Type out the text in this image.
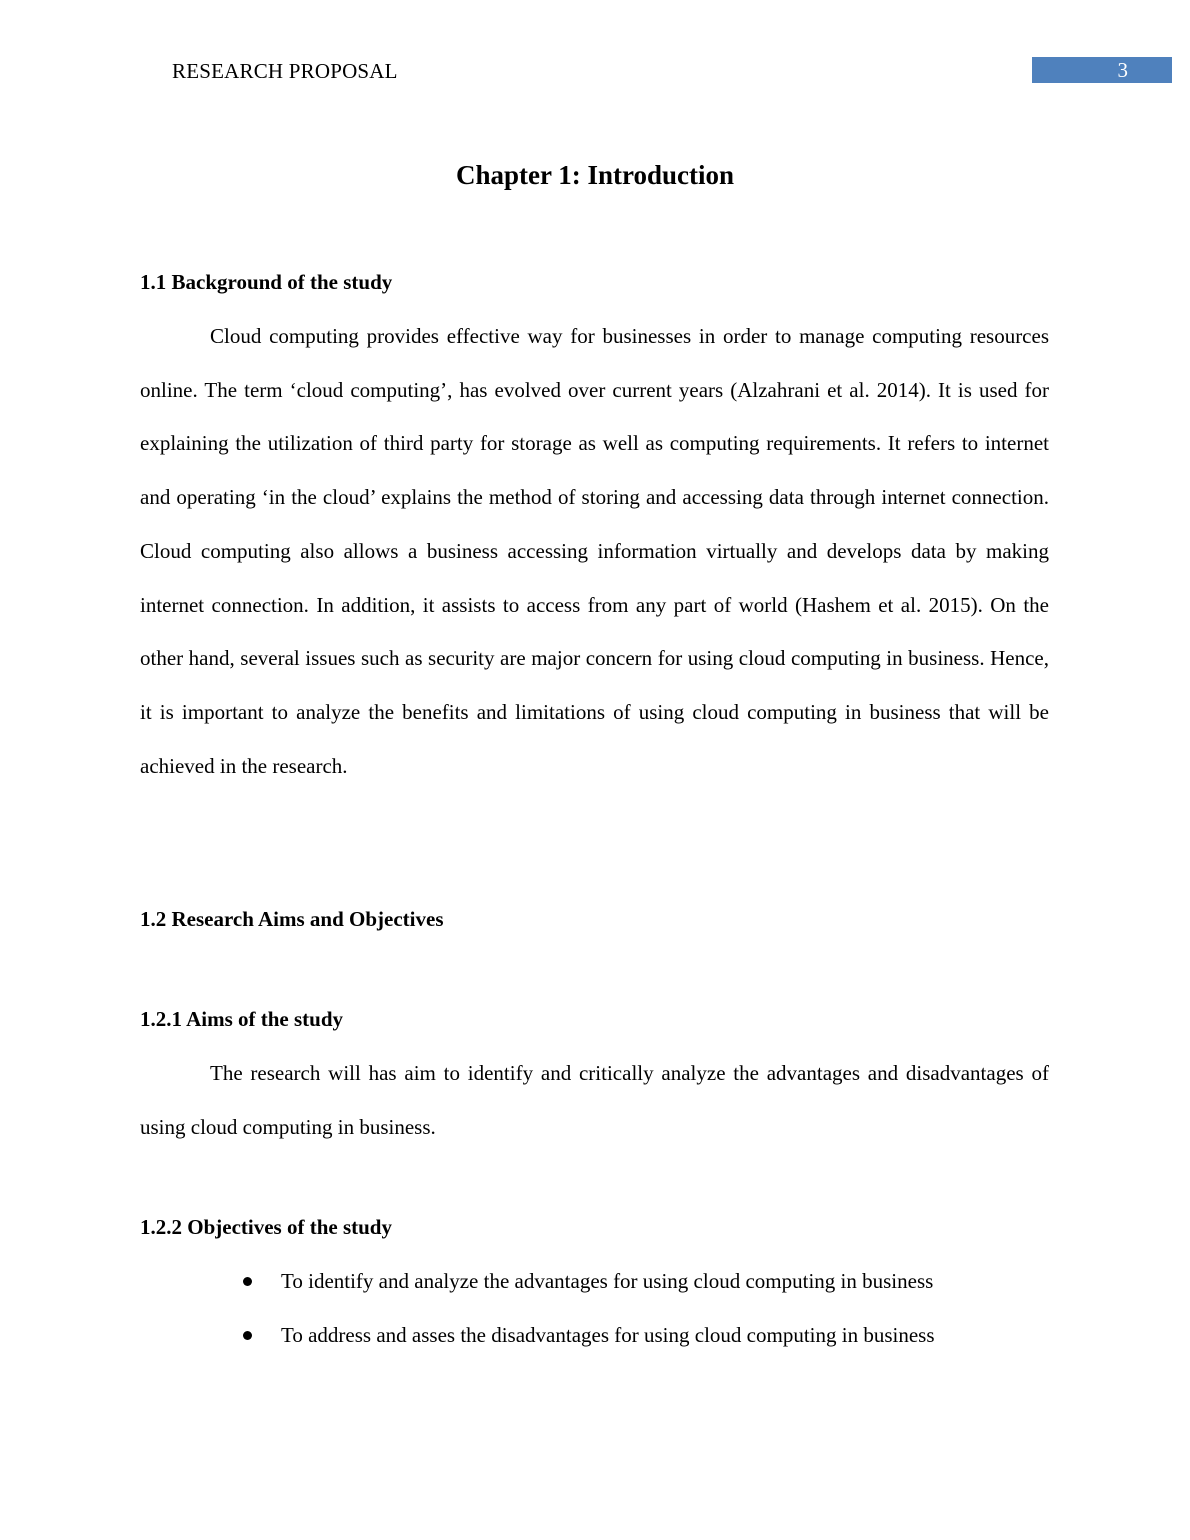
RESEARCH PROPOSAL	3
Chapter 1: Introduction
1.1 Background of the study

Cloud computing provides effective way for businesses in order to manage computing resources online. The term ‘cloud computing’, has evolved over current years (Alzahrani et al. 2014). It is used for explaining the utilization of third party for storage as well as computing requirements. It refers to internet and operating ‘in the cloud’ explains the method of storing and accessing data through internet connection. Cloud computing also allows a business accessing information virtually and develops data by making internet connection. In addition, it assists to access from any part of world (Hashem et al. 2015). On the other hand, several issues such as security are major concern for using cloud computing in business. Hence, it is important to analyze the benefits and limitations of using cloud computing in business that will be achieved in the research.

1.2 Research Aims and Objectives
1.2.1 Aims of the study

The research will has aim to identify and critically analyze the advantages and disadvantages of using cloud computing in business.

1.2.2 Objectives of the study
To identify and analyze the advantages for using cloud computing in business
To address and asses the disadvantages for using cloud computing in business
